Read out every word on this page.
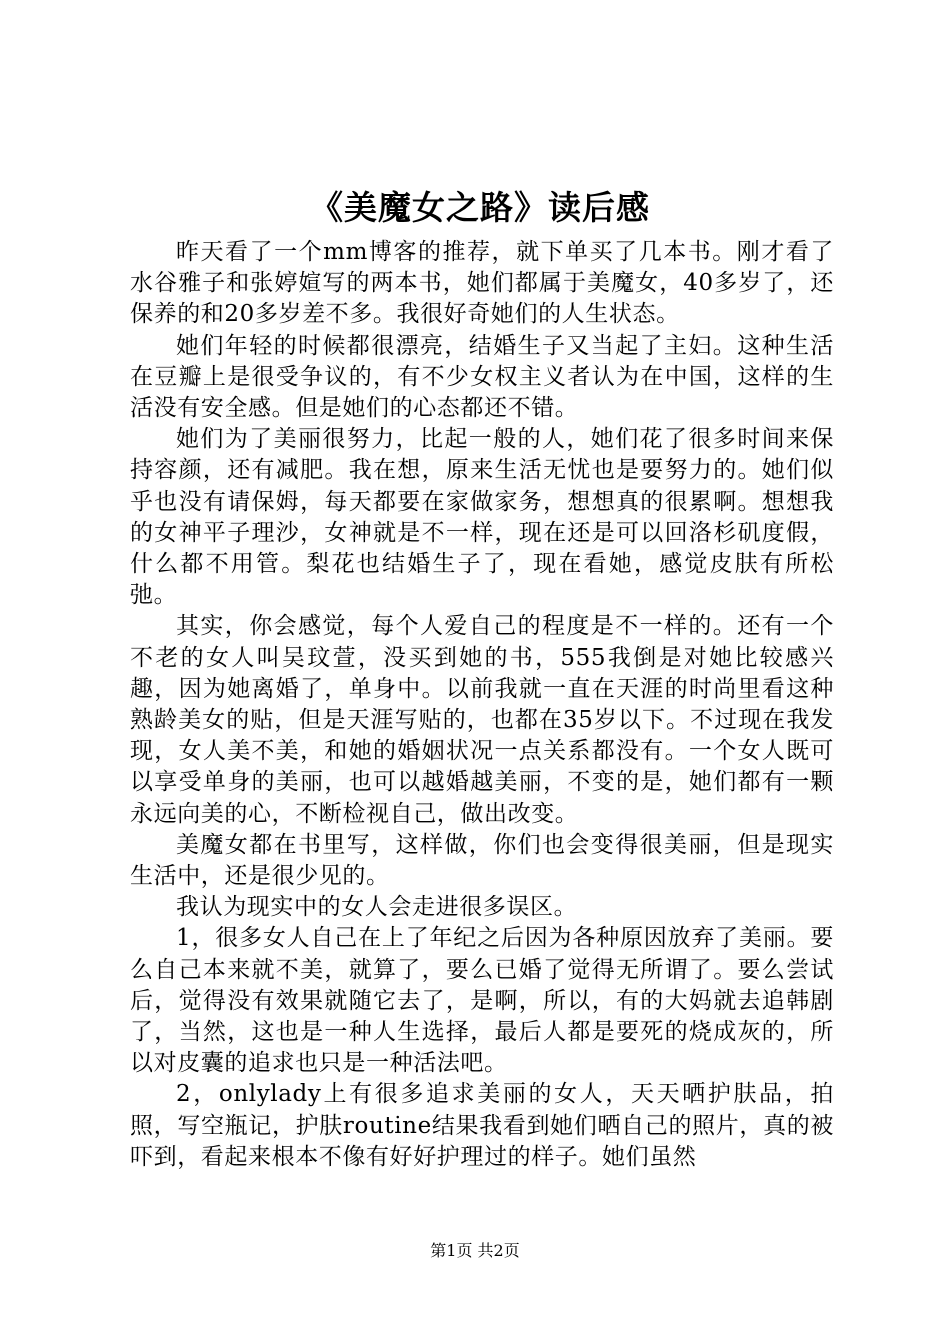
《美魔女之路》读后感

昨天看了一个mm博客的推荐，就下单买了几本书。刚才看了水谷雅子和张婷媗写的两本书，她们都属于美魔女，40多岁了，还保养的和20多岁差不多。我很好奇她们的人生状态。

她们年轻的时候都很漂亮，结婚生子又当起了主妇。这种生活在豆瓣上是很受争议的，有不少女权主义者认为在中国，这样的生活没有安全感。但是她们的心态都还不错。

她们为了美丽很努力，比起一般的人，她们花了很多时间来保持容颜，还有减肥。我在想，原来生活无忧也是要努力的。她们似乎也没有请保姆，每天都要在家做家务，想想真的很累啊。想想我的女神平子理沙，女神就是不一样，现在还是可以回洛杉矶度假，什么都不用管。梨花也结婚生子了，现在看她，感觉皮肤有所松弛。

其实，你会感觉，每个人爱自己的程度是不一样的。还有一个不老的女人叫吴玟萱，没买到她的书，555我倒是对她比较感兴趣，因为她离婚了，单身中。以前我就一直在天涯的时尚里看这种熟龄美女的贴，但是天涯写贴的，也都在35岁以下。不过现在我发现，女人美不美，和她的婚姻状况一点关系都没有。一个女人既可以享受单身的美丽，也可以越婚越美丽，不变的是，她们都有一颗永远向美的心，不断检视自己，做出改变。

美魔女都在书里写，这样做，你们也会变得很美丽，但是现实生活中，还是很少见的。

我认为现实中的女人会走进很多误区。

1，很多女人自己在上了年纪之后因为各种原因放弃了美丽。要么自己本来就不美，就算了，要么已婚了觉得无所谓了。要么尝试后，觉得没有效果就随它去了，是啊，所以，有的大妈就去追韩剧了，当然，这也是一种人生选择，最后人都是要死的烧成灰的，所以对皮囊的追求也只是一种活法吧。

2，onlylady上有很多追求美丽的女人，天天晒护肤品，拍照，写空瓶记，护肤routine结果我看到她们晒自己的照片，真的被吓到，看起来根本不像有好好护理过的样子。她们虽然

第1页 共2页
